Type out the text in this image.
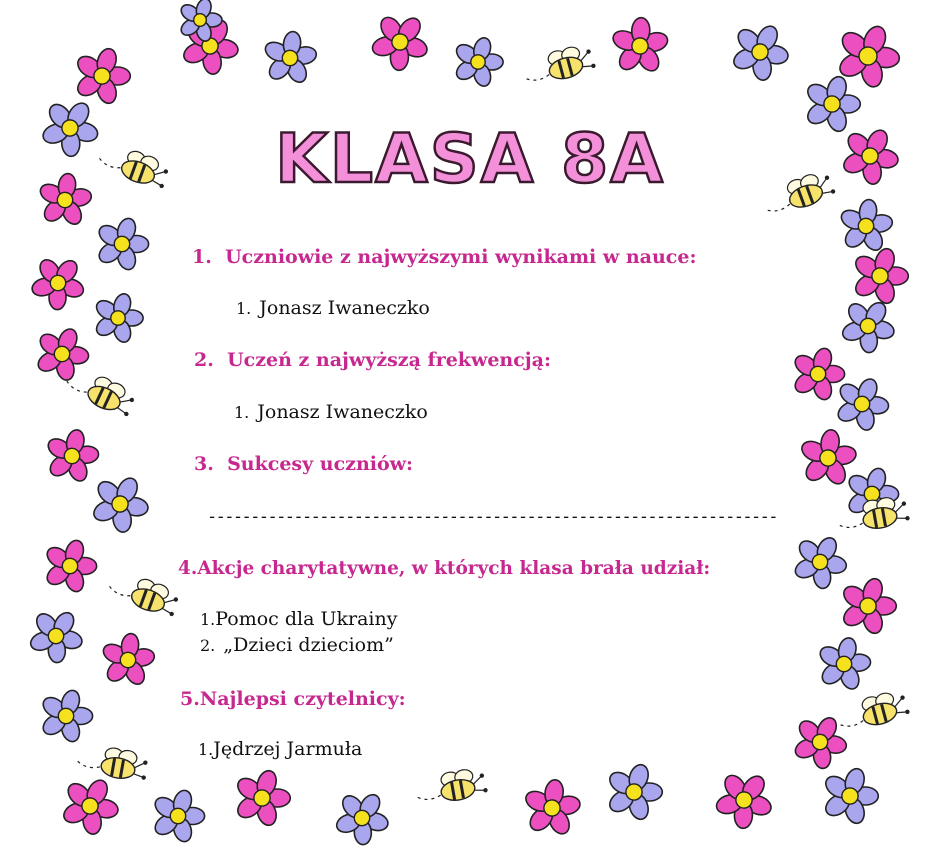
KLASA 8A
1. Uczniowie z najwyższymi wynikami w nauce:
1. Jonasz Iwaneczko
2. Uczeń z najwyższą frekwencją:
1. Jonasz Iwaneczko
3. Sukcesy uczniów:
------------------------------------------------------------------
4.Akcje charytatywne, w których klasa brała udział:
1.Pomoc dla Ukrainy
2. „Dzieci dzieciom”
5.Najlepsi czytelnicy:
1.Jędrzej Jarmuła
